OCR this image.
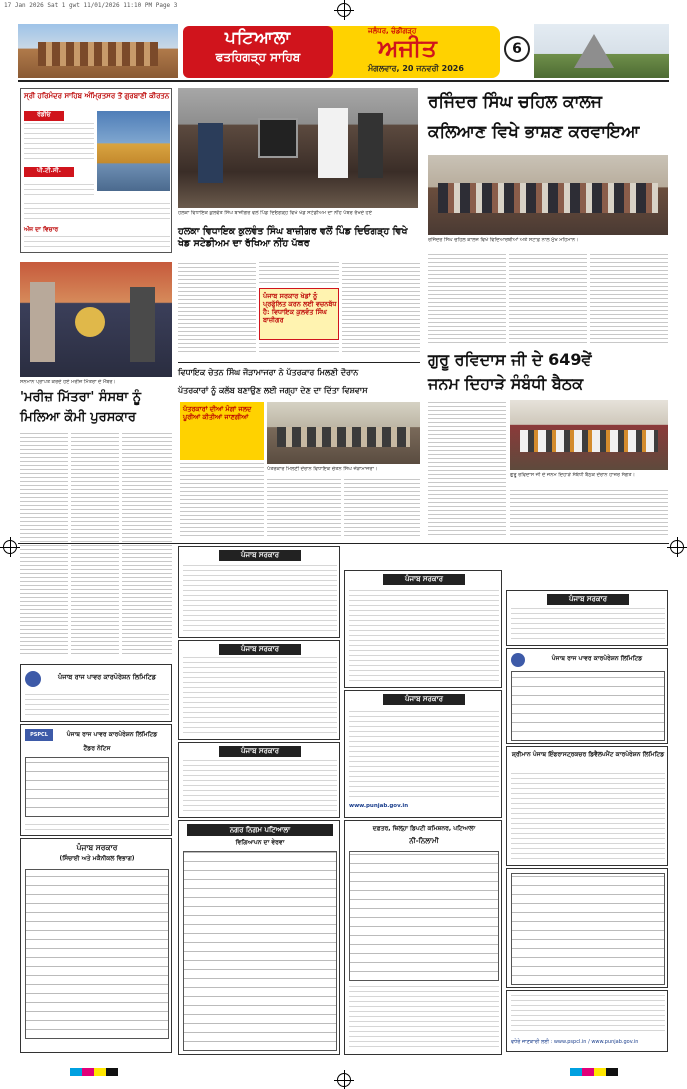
17 Jan 2026 Sat 1 gwt 11/01/2026 11:10 PM Page 3
ਜਲੰਧਰ, ਚੰਡੀਗੜ੍ਹ
ਅਜੀਤ
ਮੰਗਲਵਾਰ, 20 ਜਨਵਰੀ 2026
ਪਟਿਆਲਾ
ਫਤਹਿਗੜ੍ਹ ਸਾਹਿਬ	6
ਸ੍ਰੀ ਹਰਿਮੰਦਰ ਸਾਹਿਬ ਅੰਮ੍ਰਿਤਸਰ ਤੋਂ ਗੁਰਬਾਣੀ ਕੀਰਤਨ
ਰੇਡੀਓ
ਪੀ.ਟੀ.ਸੀ.
ਅੱਜ ਦਾ ਵਿਚਾਰ
ਹਲਕਾ ਵਿਧਾਇਕ ਕੁਲਵੰਤ ਸਿੰਘ ਬਾਜ਼ੀਗਰ ਵਲੋਂ ਪਿੰਡ ਦਿਓਗੜ੍ਹ ਵਿਖੇ ਖੇਡ ਸਟੇਡੀਅਮ ਦਾ ਨੀਂਹ ਪੱਥਰ ਰੱਖਦੇ ਹੋਏ
ਹਲਕਾ ਵਿਧਾਇਕ ਕੁਲਵੰਤ ਸਿੰਘ ਬਾਜ਼ੀਗਰ ਵਲੋਂ ਪਿੰਡ ਦਿਓਗੜ੍ਹ ਵਿਖੇ ਖੇਡ ਸਟੇਡੀਅਮ ਦਾ ਰੱਖਿਆ ਨੀਂਹ ਪੱਥਰ
ਪੰਜਾਬ ਸਰਕਾਰ ਖੇਡਾਂ ਨੂੰ ਪ੍ਰਫੁੱਲਿਤ ਕਰਨ ਲਈ ਵਚਨਬੱਧ ਹੈ: ਵਿਧਾਇਕ ਕੁਲਵੰਤ ਸਿੰਘ ਬਾਜ਼ੀਗਰ
ਰਜਿੰਦਰ ਸਿੰਘ ਚਹਿਲ ਕਾਲਜ
ਕਲਿਆਣ ਵਿਖੇ ਭਾਸ਼ਣ ਕਰਵਾਇਆ
ਰਜਿੰਦਰ ਸਿੰਘ ਚਹਿਲ ਕਾਲਜ ਵਿਖੇ ਵਿਦਿਆਰਥੀਆਂ ਅਤੇ ਸਟਾਫ਼ ਨਾਲ ਮੁੱਖ ਮਹਿਮਾਨ।
ਸਨਮਾਨ ਪ੍ਰਾਪਤ ਕਰਦੇ ਹੋਏ ਮਰੀਜ਼ ਮਿੱਤਰਾ ਦੇ ਮੈਂਬਰ।
'ਮਰੀਜ਼ ਮਿੱਤਰਾ' ਸੰਸਥਾ ਨੂੰ
ਮਿਲਿਆ ਕੌਮੀ ਪੁਰਸਕਾਰ
ਵਿਧਾਇਕ ਚੇਤਨ ਸਿੰਘ ਜੌੜਾਮਾਜਰਾ ਨੇ ਪੱਤਰਕਾਰ ਮਿਲਣੀ ਦੌਰਾਨ
ਪੱਤਰਕਾਰਾਂ ਨੂੰ ਕਲੱਬ ਬਣਾਉਣ ਲਈ ਜਗ੍ਹਾ ਦੇਣ ਦਾ ਦਿੱਤਾ ਵਿਸ਼ਵਾਸ
ਪੱਤਰਕਾਰਾਂ ਦੀਆਂ ਮੰਗਾਂ ਜਲਦ ਪੂਰੀਆਂ ਕੀਤੀਆਂ ਜਾਣਗੀਆਂ
ਪੱਤਰਕਾਰ ਮਿਲਣੀ ਦੌਰਾਨ ਵਿਧਾਇਕ ਚੇਤਨ ਸਿੰਘ ਜੌੜਾਮਾਜਰਾ।
ਗੁਰੂ ਰਵਿਦਾਸ ਜੀ ਦੇ 649ਵੇਂ
ਜਨਮ ਦਿਹਾੜੇ ਸੰਬੰਧੀ ਬੈਠਕ
ਗੁਰੂ ਰਵਿਦਾਸ ਜੀ ਦੇ ਜਨਮ ਦਿਹਾੜੇ ਸੰਬੰਧੀ ਬੈਠਕ ਦੌਰਾਨ ਹਾਜ਼ਰ ਸੰਗਤ।
ਪੰਜਾਬ ਰਾਜ ਪਾਵਰ ਕਾਰਪੋਰੇਸ਼ਨ ਲਿਮਿਟਿਡ
PSPCL	ਪੰਜਾਬ ਰਾਜ ਪਾਵਰ ਕਾਰਪੋਰੇਸ਼ਨ ਲਿਮਿਟਿਡ
ਟੈਂਡਰ ਨੋਟਿਸ
ਪੰਜਾਬ ਸਰਕਾਰ
(ਸਿੰਚਾਈ ਅਤੇ ਮਕੈਨੀਕਲ ਵਿਭਾਗ)
ਪੰਜਾਬ ਸਰਕਾਰ
ਪੰਜਾਬ ਸਰਕਾਰ
ਪੰਜਾਬ ਸਰਕਾਰ
ਪੰਜਾਬ ਸਰਕਾਰ
ਪੰਜਾਬ ਸਰਕਾਰ
www.punjab.gov.in
ਪੰਜਾਬ ਸਰਕਾਰ
ਪੰਜਾਬ ਰਾਜ ਪਾਵਰ ਕਾਰਪੋਰੇਸ਼ਨ ਲਿਮਿਟਿਡ
ਸ਼੍ਰੀਮਾਨ ਪੰਜਾਬ ਇੰਫਰਾਸਟ੍ਰਕਚਰ ਡਿਵੈਲਪਮੈਂਟ ਕਾਰਪੋਰੇਸ਼ਨ ਲਿਮਿਟਿਡ
ਵਧੇਰੇ ਜਾਣਕਾਰੀ ਲਈ : www.pspcl.in / www.punjab.gov.in
ਨਗਰ ਨਿਗਮ ਪਟਿਆਲਾ
ਵਿਗਿਆਪਨ ਦਾ ਵੇਰਵਾ
ਦਫ਼ਤਰ, ਜ਼ਿਲ੍ਹਾ ਡਿਪਟੀ ਕਮਿਸ਼ਨਰ, ਪਟਿਆਲਾ
ਨੀ-ਨਿਲਾਮੀ
